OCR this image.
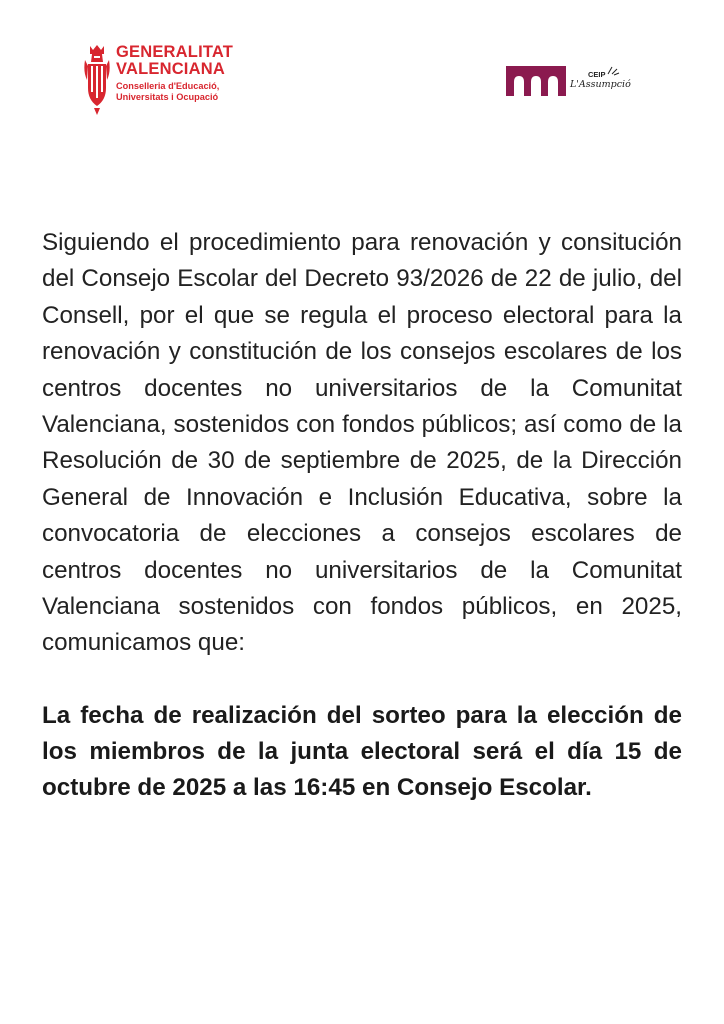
GENERALITAT
VALENCIANA
Conselleria d'Educació,
Universitats i Ocupació
CEIP
L'Assumpció

Siguiendo el procedimiento para renovación y consitución del Consejo Escolar del Decreto 93/2026 de 22 de julio, del Consell, por el que se regula el proceso electoral para la renovación y constitución de los consejos escolares de los centros docentes no universitarios de la Comunitat Valenciana, sostenidos con fondos públicos; así como de la Resolución de 30 de septiembre de 2025, de la Dirección General de Innovación e Inclusión Educativa, sobre la convocatoria de elecciones a consejos escolares de centros docentes no universitarios de la Comunitat Valenciana sostenidos con fondos públicos, en 2025, comunicamos que:

La fecha de realización del sorteo para la elección de los miembros de la junta electoral será el día 15 de octubre de 2025 a las 16:45 en Consejo Escolar.
